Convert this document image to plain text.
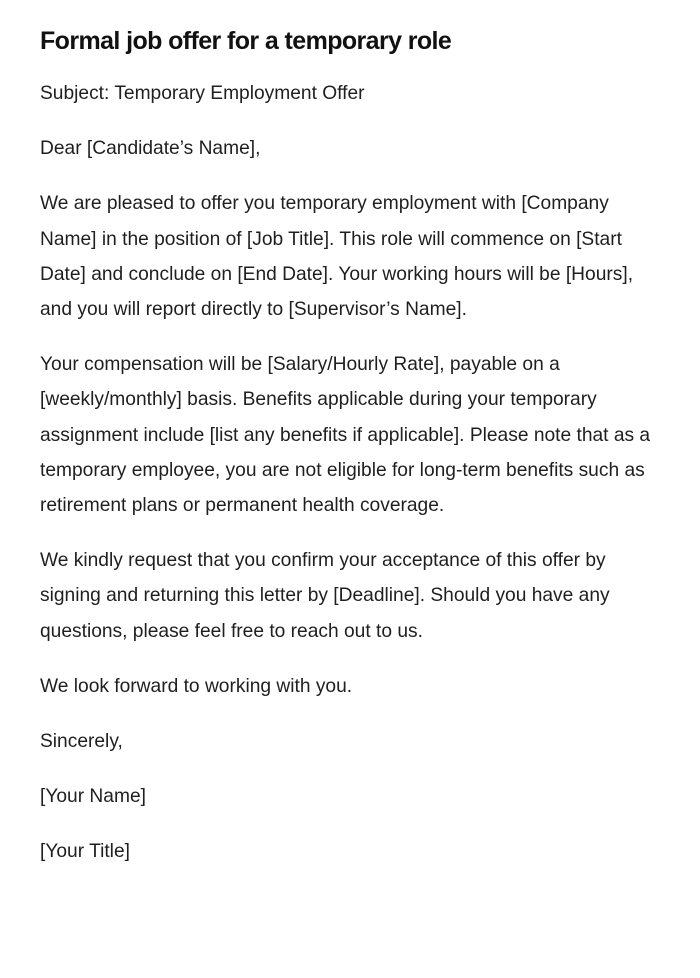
Formal job offer for a temporary role

Subject: Temporary Employment Offer

Dear [Candidate’s Name],

We are pleased to offer you temporary employment with [Company Name] in the position of [Job Title]. This role will commence on [Start Date] and conclude on [End Date]. Your working hours will be [Hours], and you will report directly to [Supervisor’s Name].

Your compensation will be [Salary/Hourly Rate], payable on a [weekly/monthly] basis. Benefits applicable during your temporary assignment include [list any benefits if applicable]. Please note that as a temporary employee, you are not eligible for long-term benefits such as retirement plans or permanent health coverage.

We kindly request that you confirm your acceptance of this offer by signing and returning this letter by [Deadline]. Should you have any questions, please feel free to reach out to us.

We look forward to working with you.

Sincerely,

[Your Name]

[Your Title]
